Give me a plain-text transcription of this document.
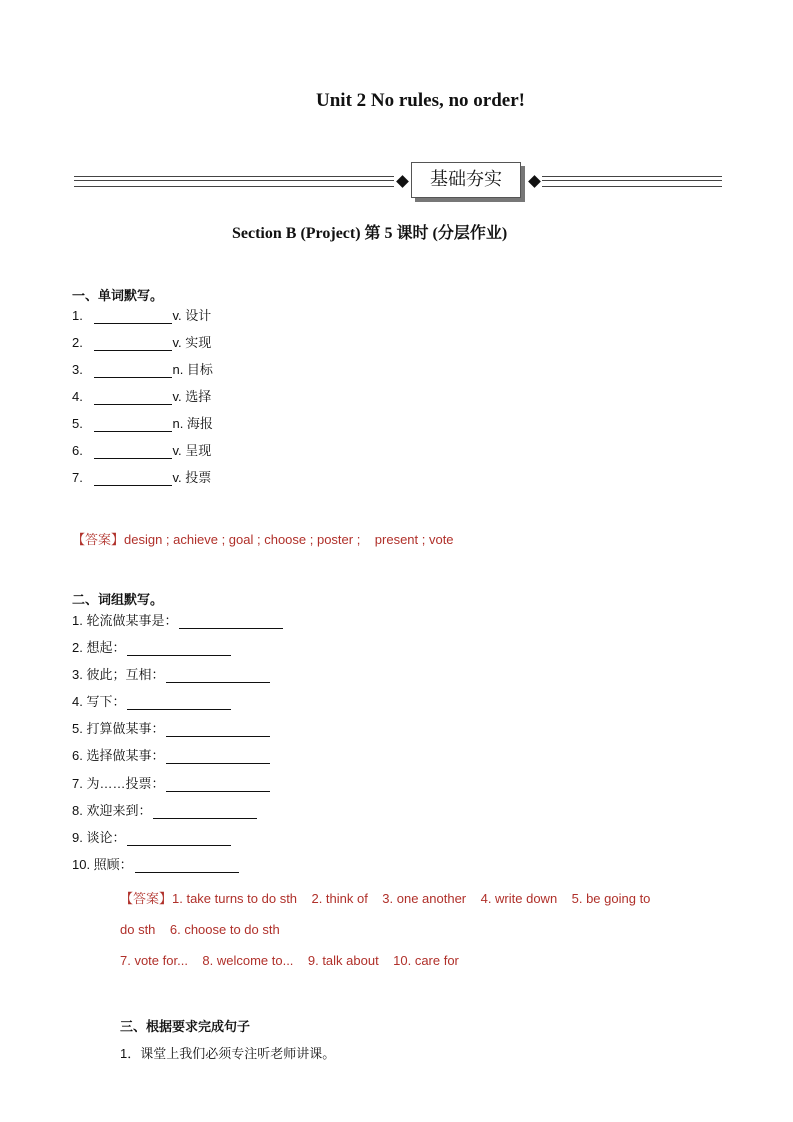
Unit 2 No rules, no order!
基础夯实
Section B (Project) 第 5 课时 (分层作业)
一、单词默写。
1.	v. 设计
2.	v. 实现
3.	n. 目标
4.	v. 选择
5.	n. 海报
6.	v. 呈现
7.	v. 投票
【答案】design ; achieve ; goal ; choose ; poster ;    present ; vote
二、词组默写。
1. 轮流做某事是：
2. 想起：
3. 彼此；互相：
4. 写下：
5. 打算做某事：
6. 选择做某事：
7. 为……投票：
8. 欢迎来到：
9. 谈论：
10. 照顾：
【答案】1. take turns to do sth    2. think of    3. one another    4. write down    5. be going to
do sth    6. choose to do sth
7. vote for...    8. welcome to...    9. talk about    10. care for
三、根据要求完成句子
1．课堂上我们必须专注听老师讲课。
